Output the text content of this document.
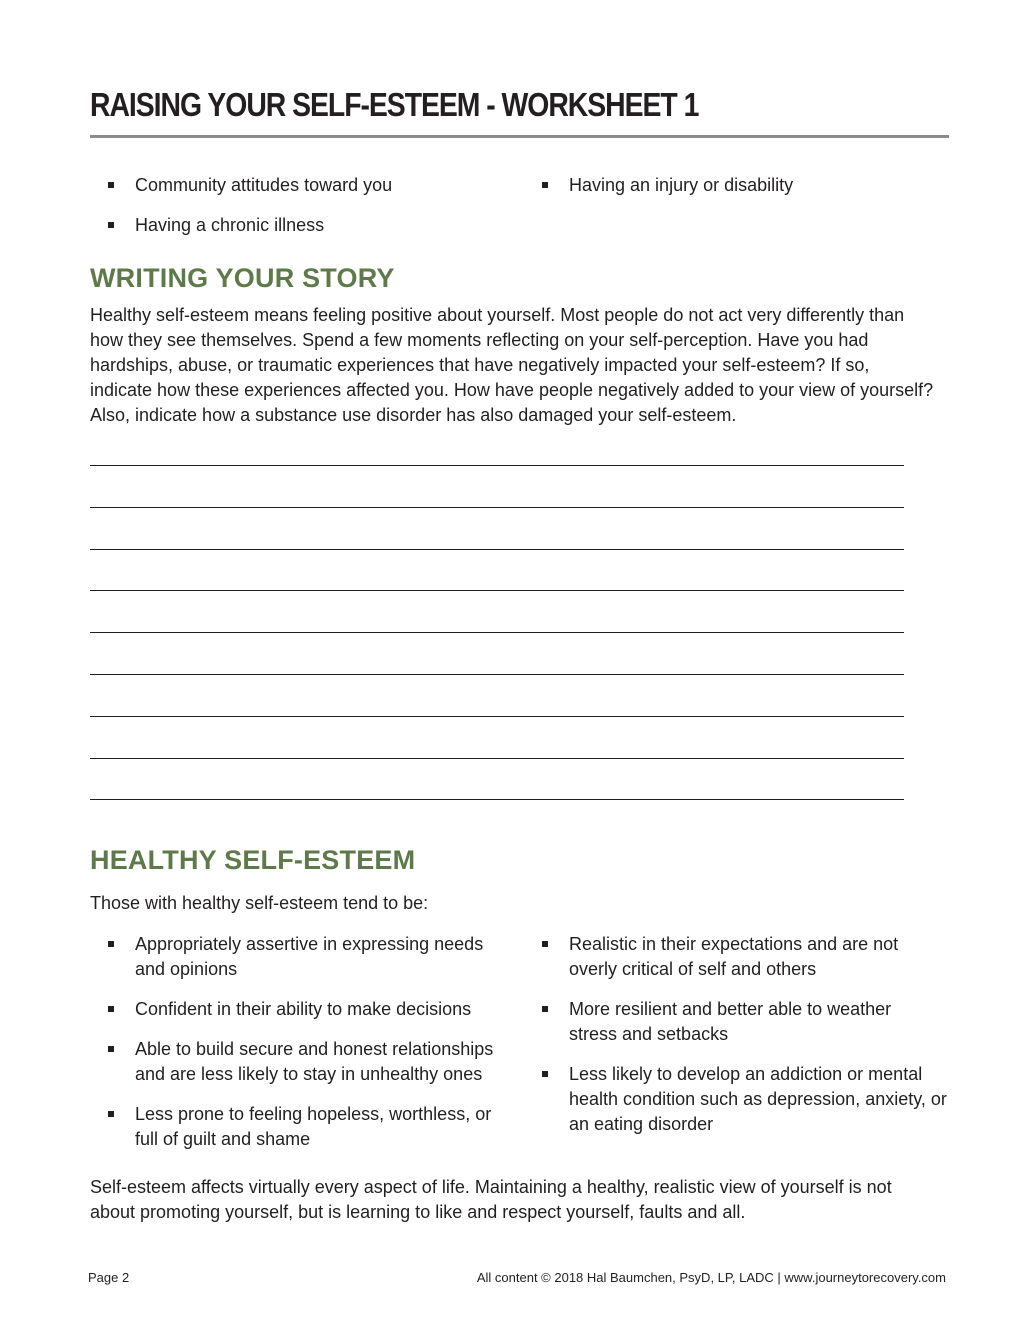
RAISING YOUR SELF-ESTEEM - WORKSHEET 1
Community attitudes toward you
Having a chronic illness
Having an injury or disability
WRITING YOUR STORY
Healthy self-esteem means feeling positive about yourself. Most people do not act very differently than how they see themselves. Spend a few moments reflecting on your self-perception. Have you had hardships, abuse, or traumatic experiences that have negatively impacted your self-esteem? If so, indicate how these experiences affected you. How have people negatively added to your view of yourself? Also, indicate how a substance use disorder has also damaged your self-esteem.
HEALTHY SELF-ESTEEM
Those with healthy self-esteem tend to be:
Appropriately assertive in expressing needs and opinions
Confident in their ability to make decisions
Able to build secure and honest relationships and are less likely to stay in unhealthy ones
Less prone to feeling hopeless, worthless, or full of guilt and shame
Realistic in their expectations and are not overly critical of self and others
More resilient and better able to weather stress and setbacks
Less likely to develop an addiction or mental health condition such as depression, anxiety, or an eating disorder
Self-esteem affects virtually every aspect of life. Maintaining a healthy, realistic view of yourself is not about promoting yourself, but is learning to like and respect yourself, faults and all.
Page 2	All content © 2018 Hal Baumchen, PsyD, LP, LADC | www.journeytorecovery.com
